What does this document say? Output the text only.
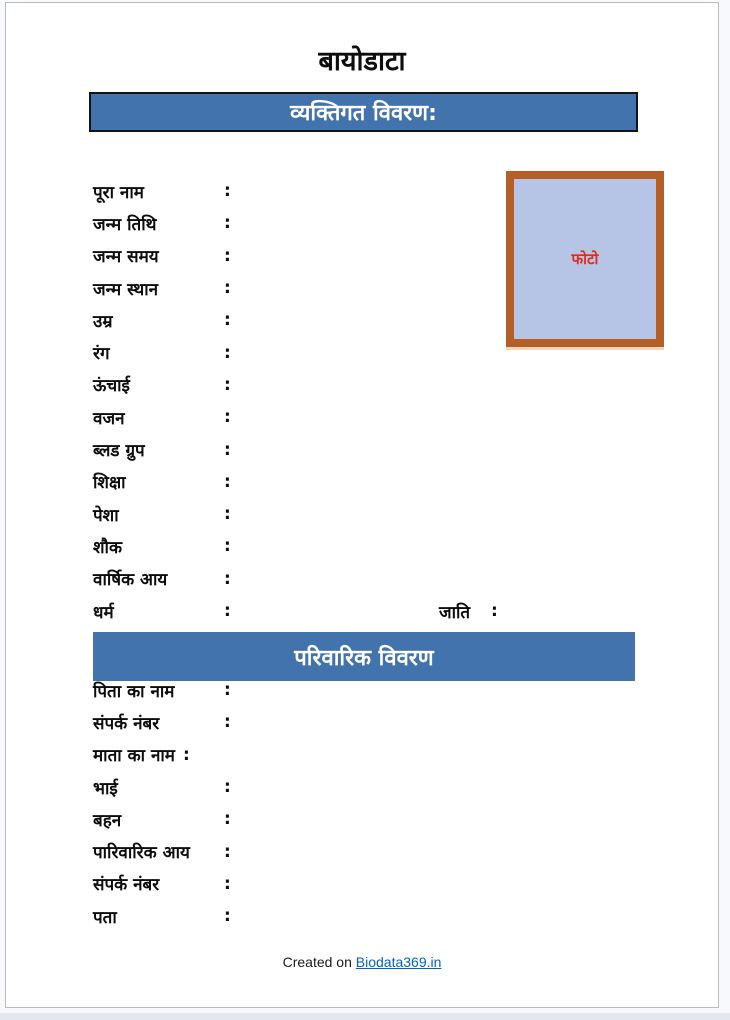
बायोडाटा
व्यक्तिगत विवरण:
फोटो
पूरा नाम	:
जन्म तिथि	:
जन्म समय	:
जन्म स्थान	:
उम्र	:
रंग	:
ऊंचाई	:
वजन	:
ब्लड ग्रुप	:
शिक्षा	:
पेशा	:
शौक	:
वार्षिक आय	:
धर्म	:	जाति :
परिवारिक विवरण
पिता का नाम	:
संपर्क नंबर	:
माता का नाम :
भाई	:
बहन	:
पारिवारिक आय :
संपर्क नंबर	:
पता	:
Created on Biodata369.in
